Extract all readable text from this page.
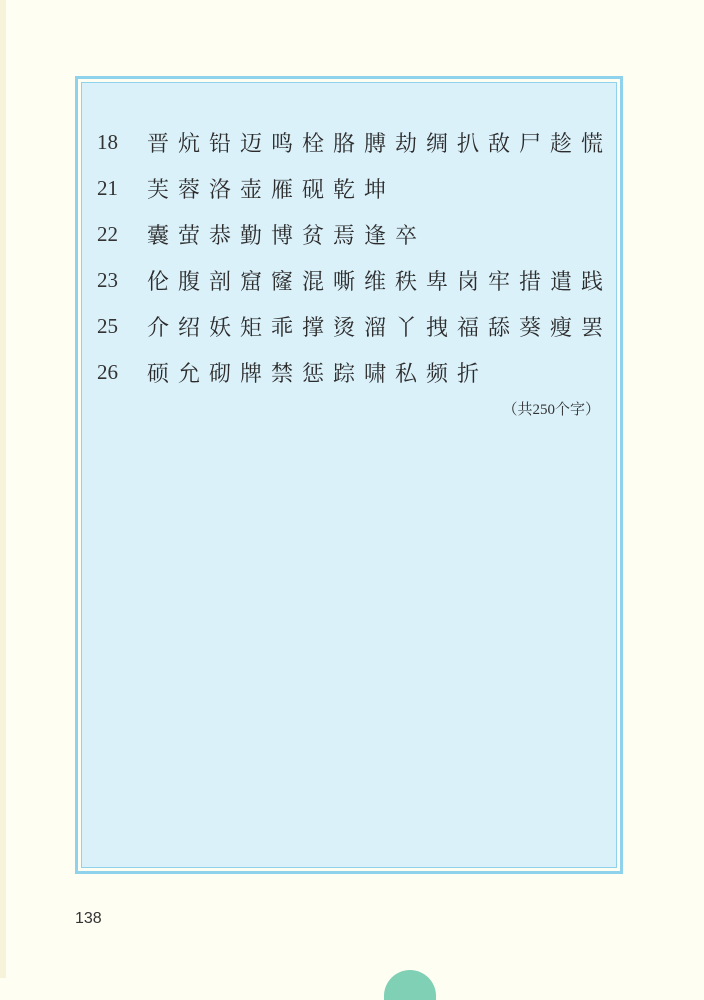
18	晋炕铅迈鸣栓胳膊劫绸扒敌尸趁慌
21	芙蓉洛壶雁砚乾坤
22	囊萤恭勤博贫焉逢卒
23	伦腹剖窟窿混嘶维秩卑岗牢措遣践
25	介绍妖矩乖撑烫溜丫拽福舔葵瘦罢
26	硕允砌牌禁惩踪啸私频折
（共250个字）
138
